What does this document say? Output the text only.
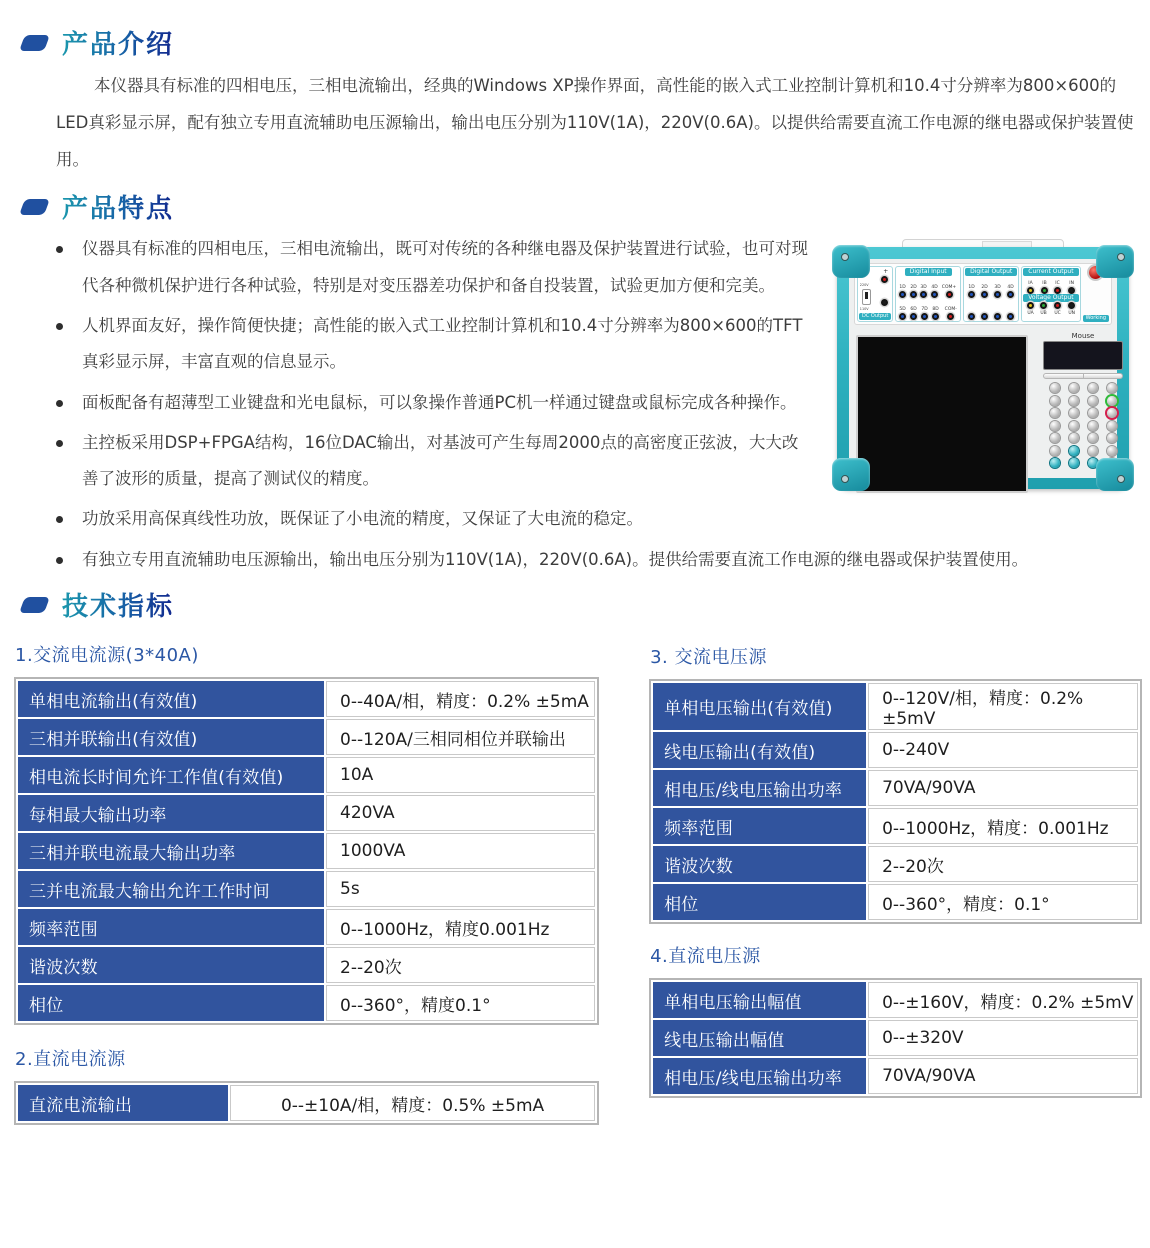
产品介绍

本仪器具有标准的四相电压，三相电流输出，经典的Windows XP操作界面，高性能的嵌入式工业控制计算机和10.4寸分辨率为800×600的LED真彩显示屏，配有独立专用直流辅助电压源输出，输出电压分别为110V(1A)，220V(0.6A)。以提供给需要直流工作电源的继电器或保护装置使用。

产品特点
+
220V
110V
DC Output
Digital Input
1D 2D 3D 4D COM+
5D 6D 7D 8D COM-
Digital Output
1D 2D 3D 4D
Current Output
IA IB IC IN
Voltage Output
UA UB UC UN
Working
Mouse

仪器具有标准的四相电压，三相电流输出，既可对传统的各种继电器及保护装置进行试验，也可对现代各种微机保护进行各种试验，特别是对变压器差功保护和备自投装置，试验更加方便和完美。

人机界面友好，操作简便快捷；高性能的嵌入式工业控制计算机和10.4寸分辨率为800×600的TFT真彩显示屏，丰富直观的信息显示。

面板配备有超薄型工业键盘和光电鼠标，可以象操作普通PC机一样通过键盘或鼠标完成各种操作。

主控板采用DSP+FPGA结构，16位DAC输出，对基波可产生每周2000点的高密度正弦波，大大改善了波形的质量，提高了测试仪的精度。

功放采用高保真线性功放，既保证了小电流的精度，又保证了大电流的稳定。

有独立专用直流辅助电压源输出，输出电压分别为110V(1A)，220V(0.6A)。提供给需要直流工作电源的继电器或保护装置使用。

技术指标
1.交流电流源(3*40A)
单相电流输出(有效值)	0--40A/相，精度：0.2% ±5mA
三相并联输出(有效值)	0--120A/三相同相位并联输出
相电流长时间允许工作值(有效值)	10A
每相最大输出功率	420VA
三相并联电流最大输出功率	1000VA
三并电流最大输出允许工作时间	5s
频率范围	0--1000Hz，精度0.001Hz
谐波次数	2--20次
相位	0--360°，精度0.1°
2.直流电流源
直流电流输出	0--±10A/相，精度：0.5% ±5mA
3. 交流电压源
单相电压输出(有效值)	0--120V/相，精度：0.2% ±5mV
线电压输出(有效值)	0--240V
相电压/线电压输出功率	70VA/90VA
频率范围	0--1000Hz，精度：0.001Hz
谐波次数	2--20次
相位	0--360°，精度：0.1°
4.直流电压源
单相电压输出幅值	0--±160V，精度：0.2% ±5mV
线电压输出幅值	0--±320V
相电压/线电压输出功率	70VA/90VA
